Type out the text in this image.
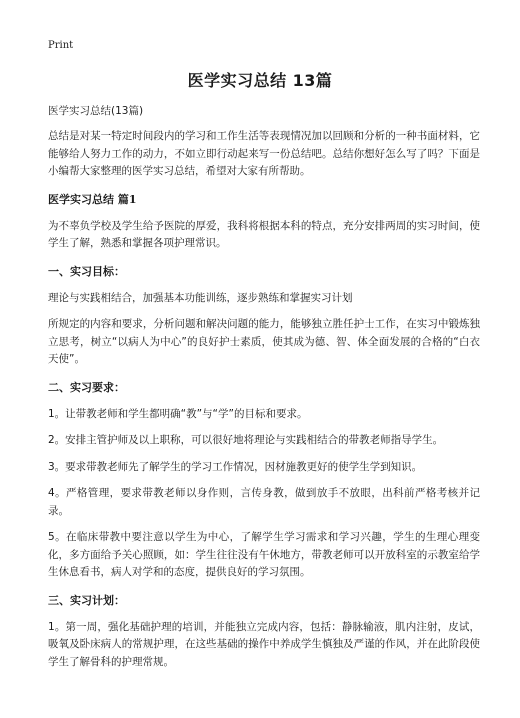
Print
医学实习总结 13篇
医学实习总结(13篇)

总结是对某一特定时间段内的学习和工作生活等表现情况加以回顾和分析的一种书面材料，它能够给人努力工作的动力，不如立即行动起来写一份总结吧。总结你想好怎么写了吗？下面是小编帮大家整理的医学实习总结，希望对大家有所帮助。

医学实习总结 篇1

为不辜负学校及学生给予医院的厚爱，我科将根据本科的特点，充分安排两周的实习时间，使学生了解，熟悉和掌握各项护理常识。

一、实习目标：

理论与实践相结合，加强基本功能训练，逐步熟练和掌握实习计划

所规定的内容和要求，分析问题和解决问题的能力，能够独立胜任护士工作，在实习中锻炼独立思考，树立“以病人为中心”的良好护士素质，使其成为德、智、体全面发展的合格的“白衣天使”。

二、实习要求：

1。让带教老师和学生都明确“教”与“学”的目标和要求。

2。安排主管护师及以上职称，可以很好地将理论与实践相结合的带教老师指导学生。

3。要求带教老师先了解学生的学习工作情况，因材施教更好的使学生学到知识。

4。严格管理，要求带教老师以身作则，言传身教，做到放手不放眼，出科前严格考核并记录。

5。在临床带教中要注意以学生为中心，了解学生学习需求和学习兴趣，学生的生理心理变化，多方面给予关心照顾，如：学生往往没有午休地方，带教老师可以开放科室的示教室给学生休息看书，病人对学和的态度，提供良好的学习氛围。

三、实习计划：

1。第一周，强化基础护理的培训，并能独立完成内容，包括：静脉输液，肌内注射，皮试，吸氧及卧床病人的常规护理，在这些基础的操作中养成学生慎独及严谨的作风，并在此阶段使学生了解骨科的护理常规。
